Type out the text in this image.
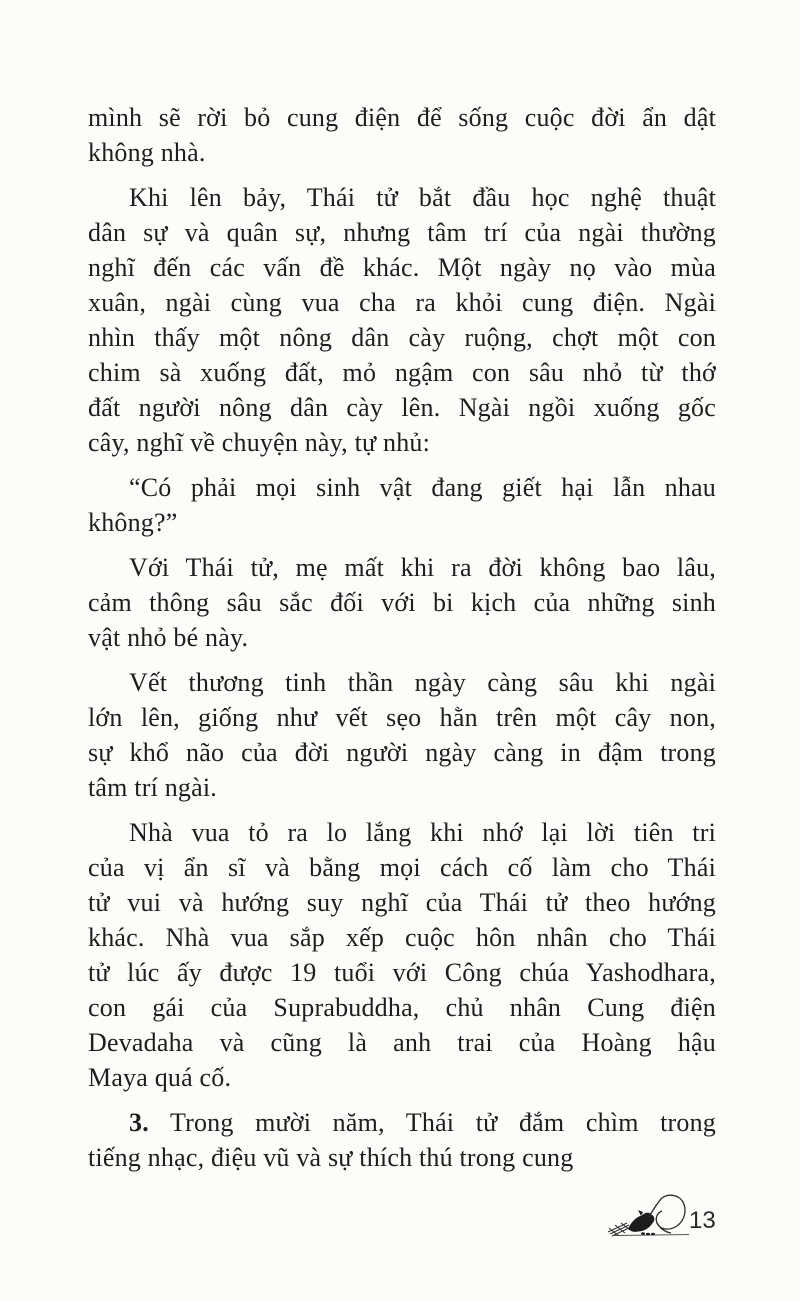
mình sẽ rời bỏ cung điện để sống cuộc đời ẩn dật
không nhà.
Khi lên bảy, Thái tử bắt đầu học nghệ thuật
dân sự và quân sự, nhưng tâm trí của ngài thường
nghĩ đến các vấn đề khác. Một ngày nọ vào mùa
xuân, ngài cùng vua cha ra khỏi cung điện. Ngài
nhìn thấy một nông dân cày ruộng, chợt một con
chim sà xuống đất, mỏ ngậm con sâu nhỏ từ thớ
đất người nông dân cày lên. Ngài ngồi xuống gốc
cây, nghĩ về chuyện này, tự nhủ:
“Có phải mọi sinh vật đang giết hại lẫn nhau
không?”
Với Thái tử, mẹ mất khi ra đời không bao lâu,
cảm thông sâu sắc đối với bi kịch của những sinh
vật nhỏ bé này.
Vết thương tinh thần ngày càng sâu khi ngài
lớn lên, giống như vết sẹo hằn trên một cây non,
sự khổ não của đời người ngày càng in đậm trong
tâm trí ngài.
Nhà vua tỏ ra lo lắng khi nhớ lại lời tiên tri
của vị ẩn sĩ và bằng mọi cách cố làm cho Thái
tử vui và hướng suy nghĩ của Thái tử theo hướng
khác. Nhà vua sắp xếp cuộc hôn nhân cho Thái
tử lúc ấy được 19 tuổi với Công chúa Yashodhara,
con gái của Suprabuddha, chủ nhân Cung điện
Devadaha và cũng là anh trai của Hoàng hậu
Maya quá cố.
3. Trong mười năm, Thái tử đắm chìm trong
tiếng nhạc, điệu vũ và sự thích thú trong cung
13
